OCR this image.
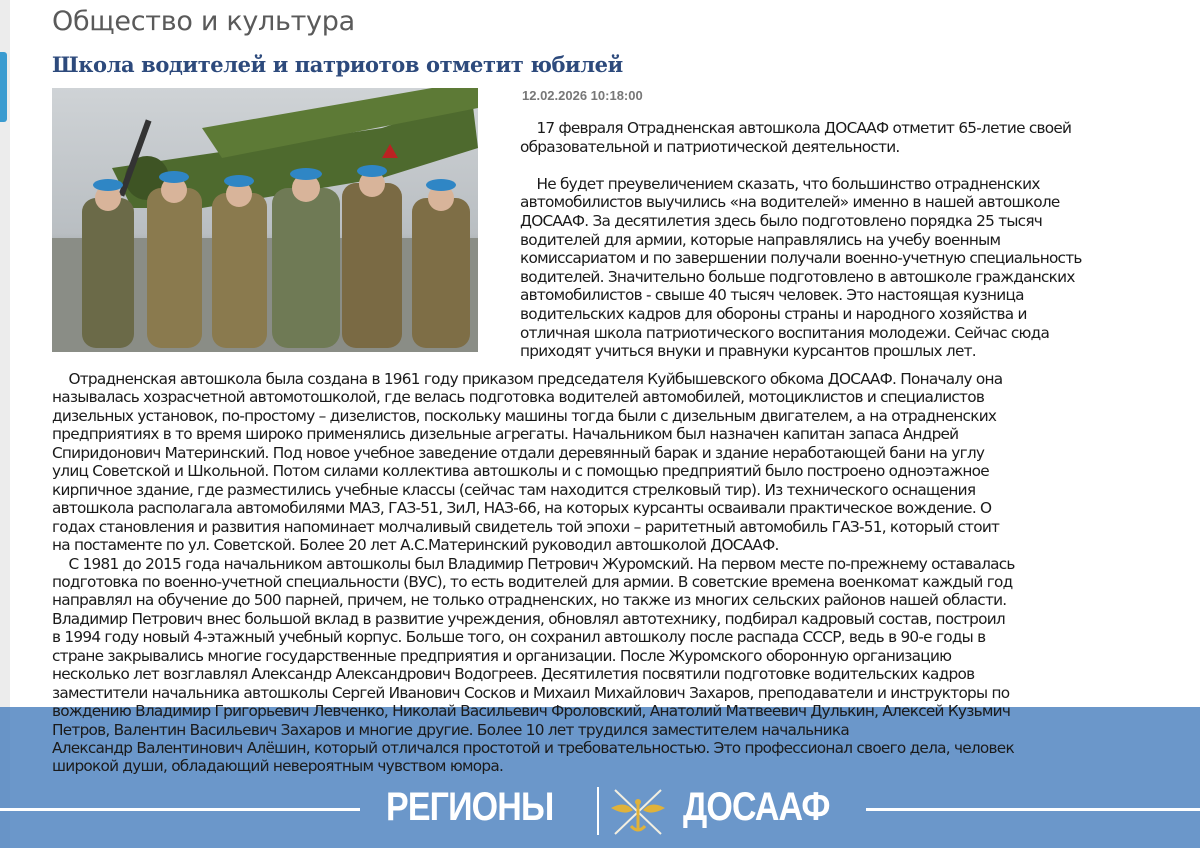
Общество и культура
Школа водителей и патриотов отметит юбилей
12.02.2026 10:18:00
17 февраля Отрадненская автошкола ДОСААФ отметит 65-летие своей
образовательной и патриотической деятельности.
Не будет преувеличением сказать, что большинство отрадненских
автомобилистов выучились «на водителей» именно в нашей автошколе
ДОСААФ. За десятилетия здесь было подготовлено порядка 25 тысяч
водителей для армии, которые направлялись на учебу военным
комиссариатом и по завершении получали военно-учетную специальность
водителей. Значительно больше подготовлено в автошколе гражданских
автомобилистов - свыше 40 тысяч человек. Это настоящая кузница
водительских кадров для обороны страны и народного хозяйства и
отличная школа патриотического воспитания молодежи. Сейчас сюда
приходят учиться внуки и правнуки курсантов прошлых лет.
Отрадненская автошкола была создана в 1961 году приказом председателя Куйбышевского обкома ДОСААФ. Поначалу она
называлась хозрасчетной автомотошколой, где велась подготовка водителей автомобилей, мотоциклистов и специалистов
дизельных установок, по-простому – дизелистов, поскольку машины тогда были с дизельным двигателем, а на отрадненских
предприятиях в то время широко применялись дизельные агрегаты. Начальником был назначен капитан запаса Андрей
Спиридонович Материнский. Под новое учебное заведение отдали деревянный барак и здание неработающей бани на углу
улиц Советской и Школьной. Потом силами коллектива автошколы и с помощью предприятий было построено одноэтажное
кирпичное здание, где разместились учебные классы (сейчас там находится стрелковый тир). Из технического оснащения
автошкола располагала автомобилями МАЗ, ГАЗ-51, ЗиЛ, НАЗ-66, на которых курсанты осваивали практическое вождение. О
годах становления и развития напоминает молчаливый свидетель той эпохи – раритетный автомобиль ГАЗ-51, который стоит
на постаменте по ул. Советской. Более 20 лет А.С.Материнский руководил автошколой ДОСААФ.
С 1981 до 2015 года начальником автошколы был Владимир Петрович Журомский. На первом месте по-прежнему оставалась
подготовка по военно-учетной специальности (ВУС), то есть водителей для армии. В советские времена военкомат каждый год
направлял на обучение до 500 парней, причем, не только отрадненских, но также из многих сельских районов нашей области.
Владимир Петрович внес большой вклад в развитие учреждения, обновлял автотехнику, подбирал кадровый состав, построил
в 1994 году новый 4-этажный учебный корпус. Больше того, он сохранил автошколу после распада СССР, ведь в 90-е годы в
стране закрывались многие государственные предприятия и организации. После Журомского оборонную организацию
несколько лет возглавлял Александр Александрович Водогреев. Десятилетия посвятили подготовке водительских кадров
заместители начальника автошколы Сергей Иванович Сосков и Михаил Михайлович Захаров, преподаватели и инструкторы по
вождению Владимир Григорьевич Левченко, Николай Васильевич Фроловский, Анатолий Матвеевич Дулькин, Алексей Кузьмич
Петров, Валентин Васильевич Захаров и многие другие. Более 10 лет трудился заместителем начальника
Александр Валентинович Алёшин, который отличался простотой и требовательностью. Это профессионал своего дела, человек
широкой души, обладающий невероятным чувством юмора.
РЕГИОНЫ	ДОСААФ
